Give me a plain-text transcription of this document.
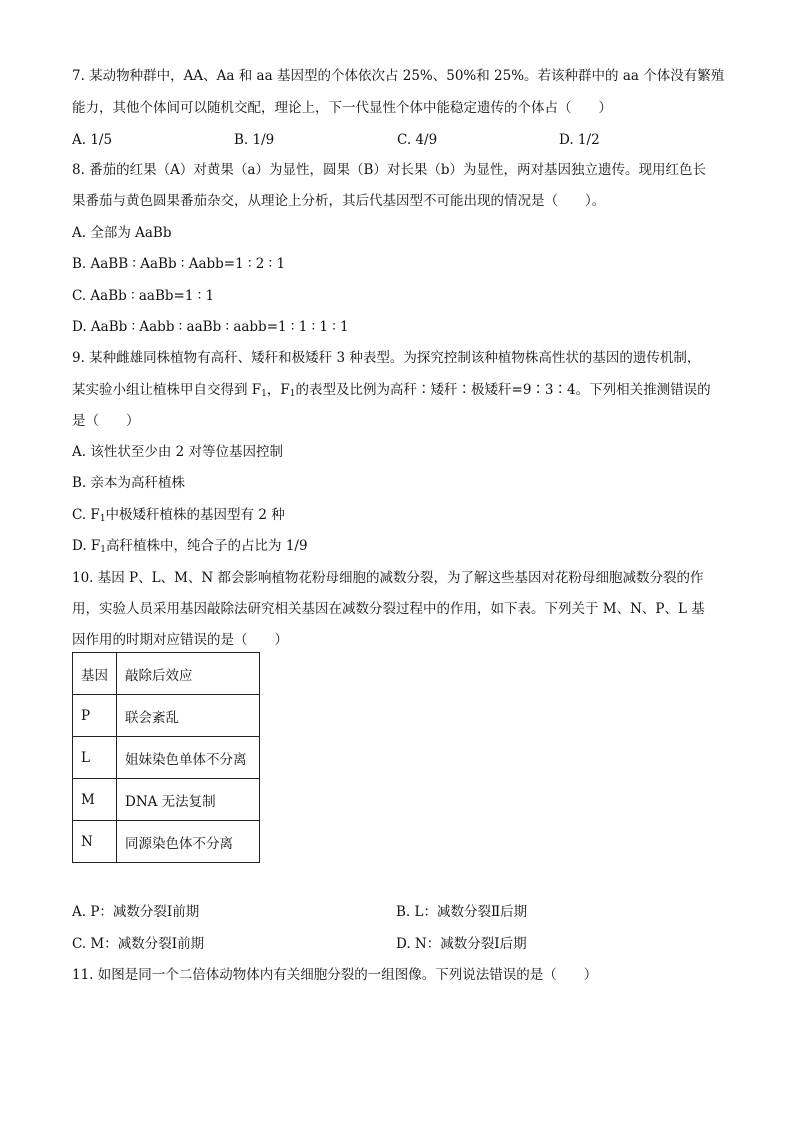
7. 某动物种群中，AA、Aa 和 aa 基因型的个体依次占 25%、50%和 25%。若该种群中的 aa 个体没有繁殖
能力，其他个体间可以随机交配，理论上，下一代显性个体中能稳定遗传的个体占（　　）
A. 1/5	B. 1/9	C. 4/9	D. 1/2
8. 番茄的红果（A）对黄果（a）为显性，圆果（B）对长果（b）为显性，两对基因独立遗传。现用红色长
果番茄与黄色圆果番茄杂交，从理论上分析，其后代基因型不可能出现的情况是（　　）。
A. 全部为 AaBb
B. AaBB ∶ AaBb ∶ Aabb=1 ∶ 2 ∶ 1
C. AaBb ∶ aaBb=1 ∶ 1
D. AaBb ∶ Aabb ∶ aaBb ∶ aabb=1 ∶ 1 ∶ 1 ∶ 1
9. 某种雌雄同株植物有高秆、矮秆和极矮秆 3 种表型。为探究控制该种植物株高性状的基因的遗传机制，
某实验小组让植株甲自交得到 $F_1$，$F_1$的表型及比例为高秆∶矮秆∶极矮秆=9∶3∶4。下列相关推测错误的
是（　　）
A. 该性状至少由 2 对等位基因控制
B. 亲本为高秆植株
C. $F_1$中极矮秆植株的基因型有 2 种
D. $F_1$高秆植株中，纯合子的占比为 1/9
10. 基因 P、L、M、N 都会影响植物花粉母细胞的减数分裂，为了解这些基因对花粉母细胞减数分裂的作
用，实验人员采用基因敲除法研究相关基因在减数分裂过程中的作用，如下表。下列关于 M、N、P、L 基
因作用的时期对应错误的是（　　）
基因	敲除后效应
P	联会紊乱
L	姐妹染色单体不分离
M	DNA 无法复制
N	同源染色体不分离
A. P：减数分裂Ⅰ前期	B. L：减数分裂Ⅱ后期
C. M：减数分裂Ⅰ前期	D. N：减数分裂Ⅰ后期
11. 如图是同一个二倍体动物体内有关细胞分裂的一组图像。下列说法错误的是（　　）
